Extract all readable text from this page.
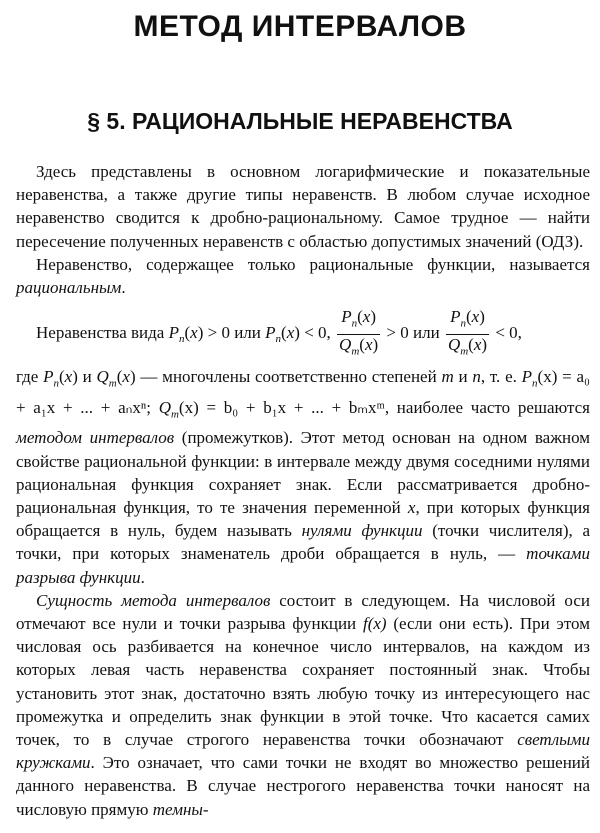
МЕТОД ИНТЕРВАЛОВ
§ 5. РАЦИОНАЛЬНЫЕ НЕРАВЕНСТВА

Здесь представлены в основном логарифмические и показательные неравенства, а также другие типы неравенств. В любом случае исходное неравенство сводится к дробно-рациональному. Самое трудное — найти пересечение полученных неравенств с областью допустимых значений (ОДЗ).

Неравенство, содержащее только рациональные функции, называется рациональным.

Неравенства вида $P_n(x) > 0$ или $P_n(x) < 0$, $\frac{P_n(x)}{Q_m(x)} > 0$ или $\frac{P_n(x)}{Q_m(x)} < 0$,

где $P_n(x)$ и $Q_m(x)$ — многочлены соответственно степеней m и n, т. е. $P_n(x) = a_0 + a_1x$ + ... + aₙxⁿ; $Q_m(x) = b_0 + b_1x$ + ... + bₘxᵐ, наиболее часто решаются методом интервалов (промежутков). Этот метод основан на одном важном свойстве рациональной функции: в интервале между двумя соседними нулями рациональная функция сохраняет знак. Если рассматривается дробно-рациональная функция, то те значения переменной x, при которых функция обращается в нуль, будем называть нулями функции (точки числителя), а точки, при которых знаменатель дроби обращается в нуль, — точками разрыва функции.

Сущность метода интервалов состоит в следующем. На числовой оси отмечают все нули и точки разрыва функции f(x) (если они есть). При этом числовая ось разбивается на конечное число интервалов, на каждом из которых левая часть неравенства сохраняет постоянный знак. Чтобы установить этот знак, достаточно взять любую точку из интересующего нас промежутка и определить знак функции в этой точке. Что касается самих точек, то в случае строгого неравенства точки обозначают светлыми кружками. Это означает, что сами точки не входят во множество решений данного неравенства. В случае нестрогого неравенства точки наносят на числовую прямую темны-
